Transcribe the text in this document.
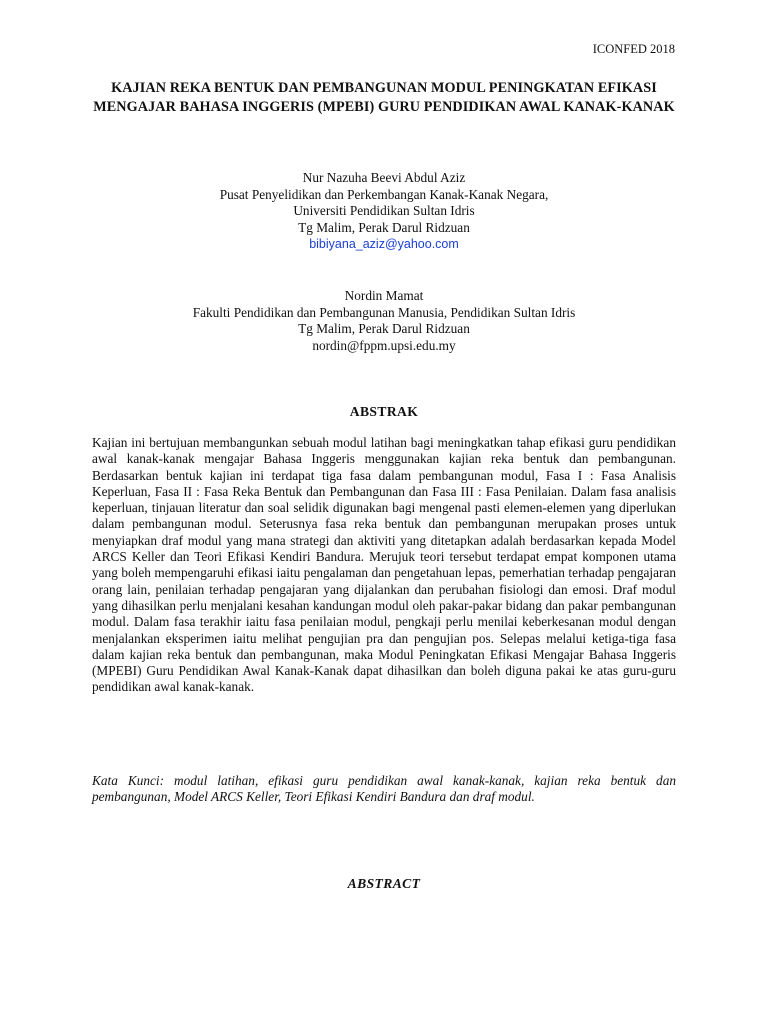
ICONFED 2018
KAJIAN REKA BENTUK DAN PEMBANGUNAN MODUL PENINGKATAN EFIKASI MENGAJAR BAHASA INGGERIS (MPEBI) GURU PENDIDIKAN AWAL KANAK-KANAK
Nur Nazuha Beevi Abdul Aziz
Pusat Penyelidikan dan Perkembangan Kanak-Kanak Negara,
Universiti Pendidikan Sultan Idris
Tg Malim, Perak Darul Ridzuan
bibiyana_aziz@yahoo.com
Nordin Mamat
Fakulti Pendidikan dan Pembangunan Manusia, Pendidikan Sultan Idris
Tg Malim, Perak Darul Ridzuan
nordin@fppm.upsi.edu.my
ABSTRAK

Kajian ini bertujuan membangunkan sebuah modul latihan bagi meningkatkan tahap efikasi guru pendidikan awal kanak-kanak mengajar Bahasa Inggeris menggunakan kajian reka bentuk dan pembangunan. Berdasarkan bentuk kajian ini terdapat tiga fasa dalam pembangunan modul, Fasa I : Fasa Analisis Keperluan, Fasa II : Fasa Reka Bentuk dan Pembangunan dan Fasa III : Fasa Penilaian. Dalam fasa analisis keperluan, tinjauan literatur dan soal selidik digunakan bagi mengenal pasti elemen-elemen yang diperlukan dalam pembangunan modul. Seterusnya fasa reka bentuk dan pembangunan merupakan proses untuk menyiapkan draf modul yang mana strategi dan aktiviti yang ditetapkan adalah berdasarkan kepada Model ARCS Keller dan Teori Efikasi Kendiri Bandura. Merujuk teori tersebut terdapat empat komponen utama yang boleh mempengaruhi efikasi iaitu pengalaman dan pengetahuan lepas, pemerhatian terhadap pengajaran orang lain, penilaian terhadap pengajaran yang dijalankan dan perubahan fisiologi dan emosi. Draf modul yang dihasilkan perlu menjalani kesahan kandungan modul oleh pakar-pakar bidang dan pakar pembangunan modul. Dalam fasa terakhir iaitu fasa penilaian modul, pengkaji perlu menilai keberkesanan modul dengan menjalankan eksperimen iaitu melihat pengujian pra dan pengujian pos. Selepas melalui ketiga-tiga fasa dalam kajian reka bentuk dan pembangunan, maka Modul Peningkatan Efikasi Mengajar Bahasa Inggeris (MPEBI) Guru Pendidikan Awal Kanak-Kanak dapat dihasilkan dan boleh diguna pakai ke atas guru-guru pendidikan awal kanak-kanak.

Kata Kunci: modul latihan, efikasi guru pendidikan awal kanak-kanak, kajian reka bentuk dan pembangunan, Model ARCS Keller, Teori Efikasi Kendiri Bandura dan draf modul.

ABSTRACT
